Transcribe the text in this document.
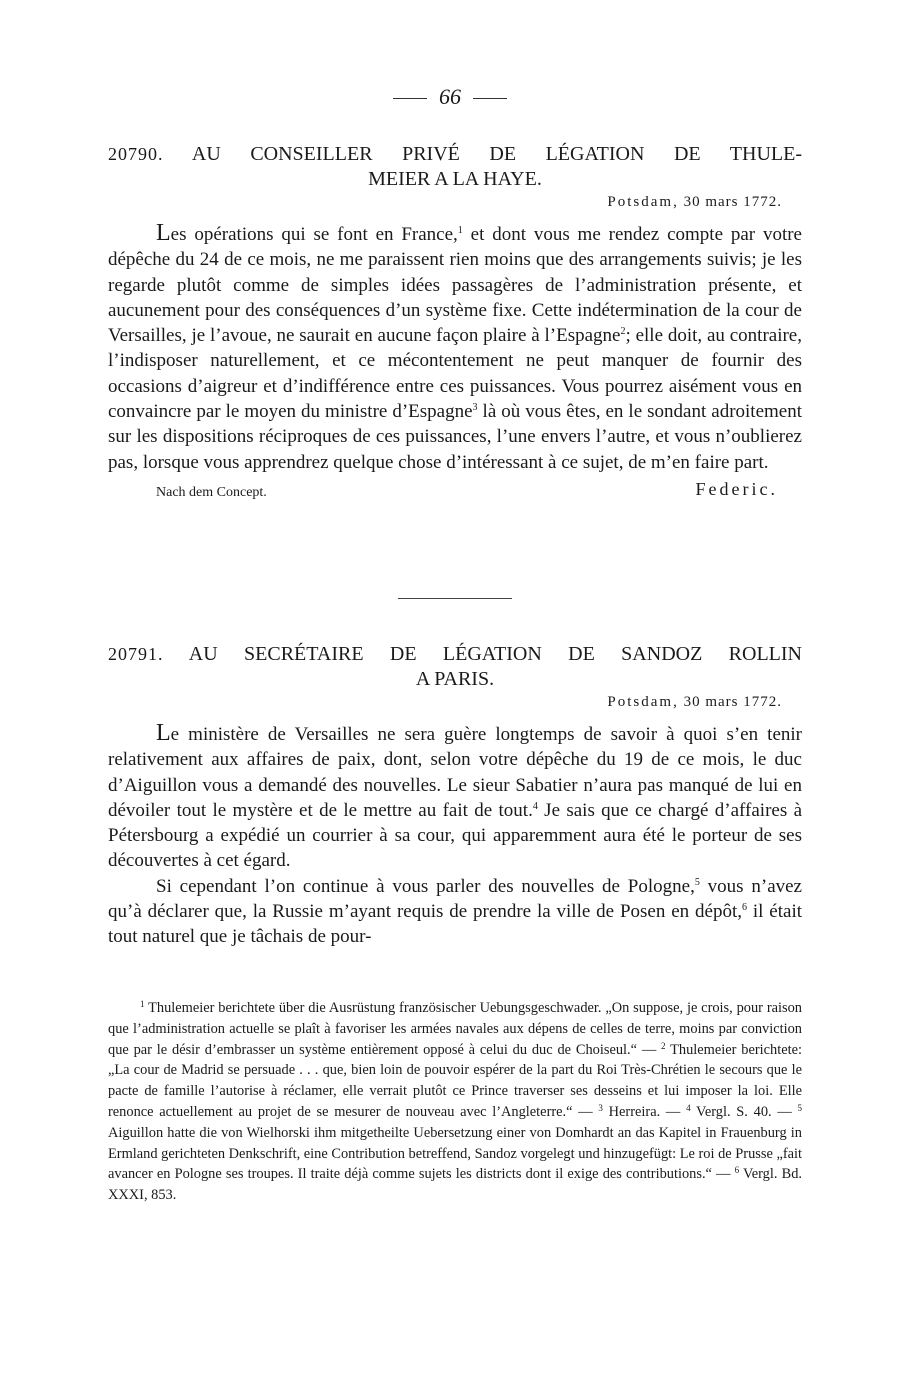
66
20790. AU CONSEILLER PRIVÉ DE LÉGATION DE THULE-
MEIER A LA HAYE.
Potsdam, 30 mars 1772.

Les opérations qui se font en France,$^1$ et dont vous me rendez compte par votre dépêche du 24 de ce mois, ne me paraissent rien moins que des arrangements suivis; je les regarde plutôt comme de simples idées passagères de l’administration présente, et aucunement pour des conséquences d’un système fixe. Cette indétermination de la cour de Versailles, je l’avoue, ne saurait en aucune façon plaire à l’Espagne$^2$; elle doit, au contraire, l’indisposer naturellement, et ce mécontentement ne peut manquer de fournir des occasions d’aigreur et d’indifférence entre ces puissances. Vous pourrez aisément vous en convaincre par le moyen du ministre d’Espagne$^3$ là où vous êtes, en le sondant adroitement sur les dispositions réciproques de ces puissances, l’une envers l’autre, et vous n’oublierez pas, lorsque vous apprendrez quelque chose d’intéressant à ce sujet, de m’en faire part.

Nach dem Concept.	Federic.
20791. AU SECRÉTAIRE DE LÉGATION DE SANDOZ ROLLIN
A PARIS.
Potsdam, 30 mars 1772.

Le ministère de Versailles ne sera guère longtemps de savoir à quoi s’en tenir relativement aux affaires de paix, dont, selon votre dépêche du 19 de ce mois, le duc d’Aiguillon vous a demandé des nouvelles. Le sieur Sabatier n’aura pas manqué de lui en dévoiler tout le mystère et de le mettre au fait de tout.$^4$ Je sais que ce chargé d’affaires à Pétersbourg a expédié un courrier à sa cour, qui apparemment aura été le porteur de ses découvertes à cet égard.

Si cependant l’on continue à vous parler des nouvelles de Pologne,$^5$ vous n’avez qu’à déclarer que, la Russie m’ayant requis de prendre la ville de Posen en dépôt,$^6$ il était tout naturel que je tâchais de pour-

$^1$ Thulemeier berichtete über die Ausrüstung französischer Uebungsgeschwader. „On suppose, je crois, pour raison que l’administration actuelle se plaît à favoriser les armées navales aux dépens de celles de terre, moins par conviction que par le désir d’embrasser un système entièrement opposé à celui du duc de Choiseul.“ — $^2$ Thulemeier berichtete: „La cour de Madrid se persuade . . . que, bien loin de pouvoir espérer de la part du Roi Très-Chrétien le secours que le pacte de famille l’autorise à réclamer, elle verrait plutôt ce Prince traverser ses desseins et lui imposer la loi. Elle renonce actuellement au projet de se mesurer de nouveau avec l’Angleterre.“ — $^3$ Herreira. — $^4$ Vergl. S. 40. — $^5$ Aiguillon hatte die von Wielhorski ihm mitgetheilte Uebersetzung einer von Domhardt an das Kapitel in Frauenburg in Ermland gerichteten Denkschrift, eine Contribution betreffend, Sandoz vorgelegt und hinzugefügt: Le roi de Prusse „fait avancer en Pologne ses troupes. Il traite déjà comme sujets les districts dont il exige des contributions.“ — $^6$ Vergl. Bd. XXXI, 853.
